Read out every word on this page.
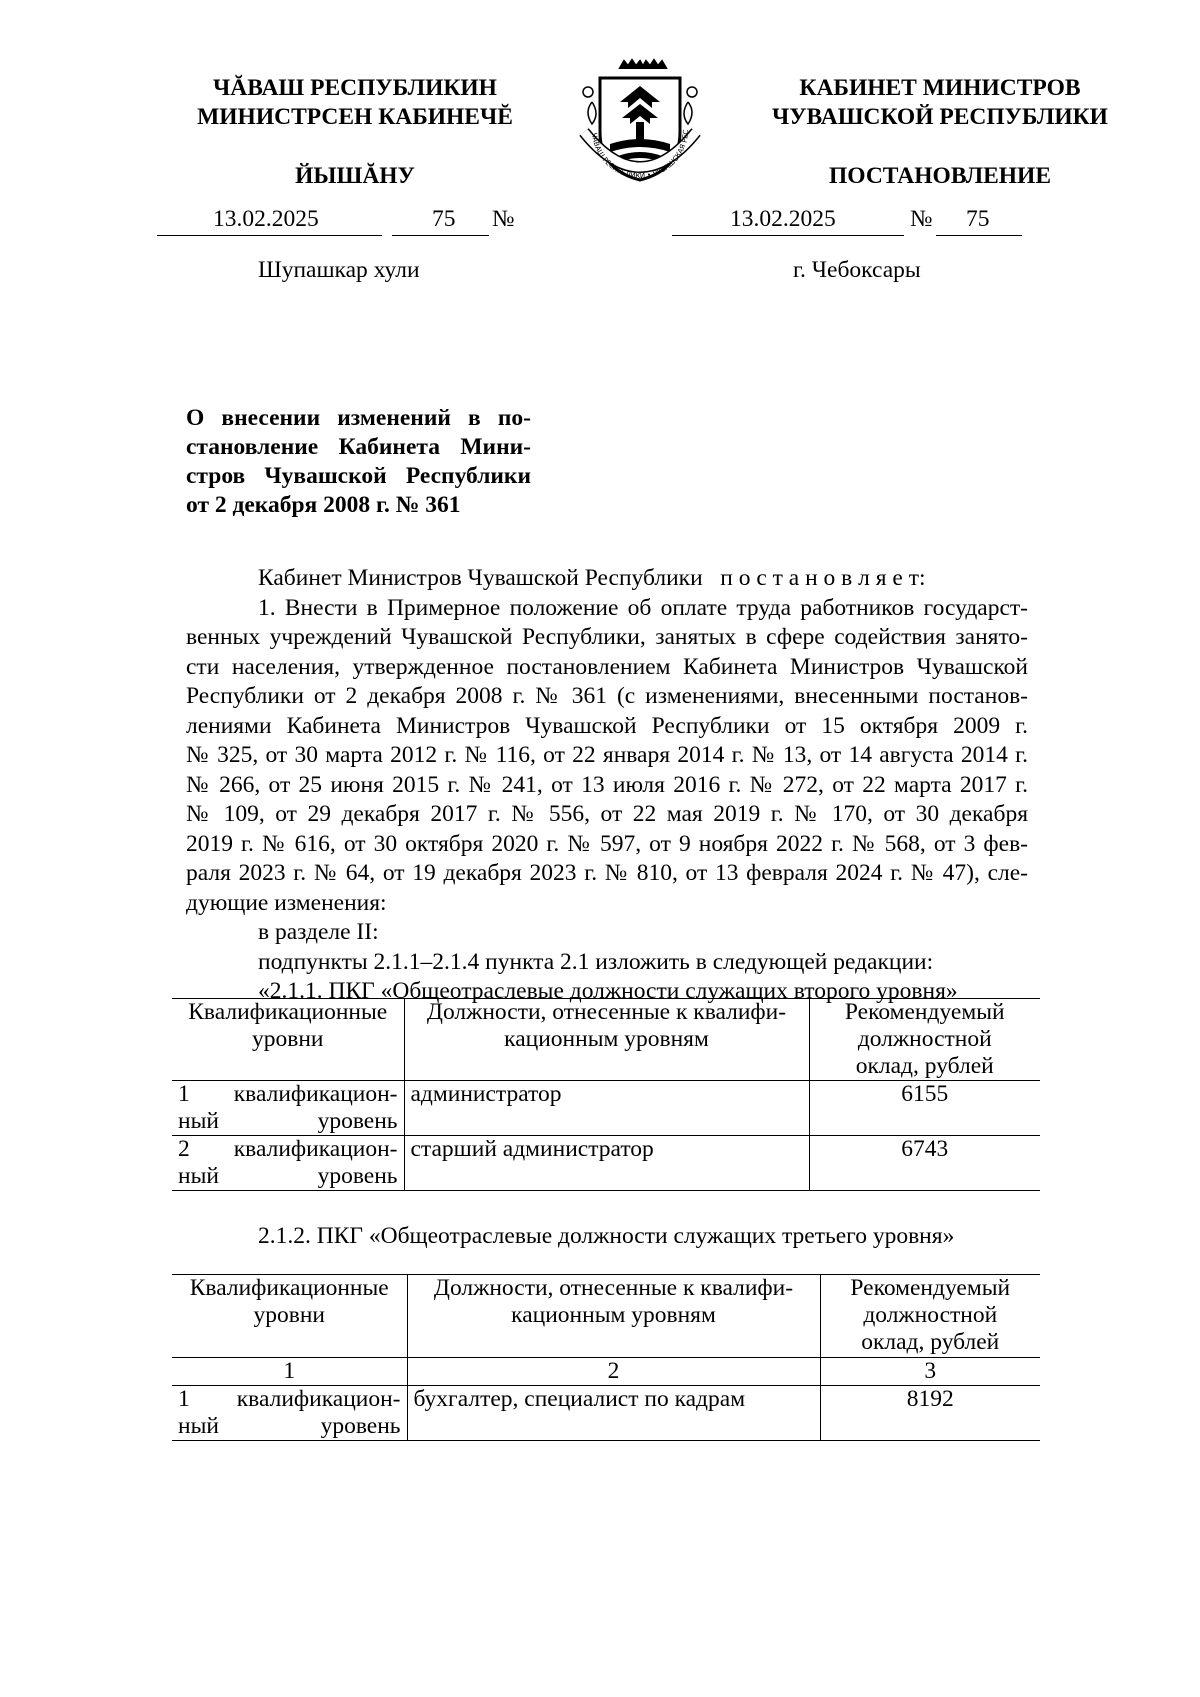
ЧĂВАШ РЕСПУБЛИКИН
МИНИСТРСЕН КАБИНЕЧĔ
ЙЫШĂНУ
КАБИНЕТ МИНИСТРОВ
ЧУВАШСКОЙ РЕСПУБЛИКИ
ПОСТАНОВЛЕНИЕ
ЧĂВАШ РЕСПУБЛИКИ • ЧУВАШСКАЯ РЕС
13.02.2025	75 №	13.02.2025	№ 75
Шупашкар хули	г. Чебоксары
О внесении изменений в по-
становление Кабинета Мини-
стров Чувашской Республики
от 2 декабря 2008 г. № 361
Кабинет Министров Чувашской Республики   п о с т а н о в л я е т:
1. Внести в Примерное положение об оплате труда работников государст-
венных учреждений Чувашской Республики, занятых в сфере содействия занято-
сти населения, утвержденное постановлением Кабинета Министров Чувашской
Республики от 2 декабря 2008 г. № 361 (с изменениями, внесенными постанов-
лениями Кабинета Министров Чувашской Республики от 15 октября 2009 г.
№ 325, от 30 марта 2012 г. № 116, от 22 января 2014 г. № 13, от 14 августа 2014 г.
№ 266, от 25 июня 2015 г. № 241, от 13 июля 2016 г. № 272, от 22 марта 2017 г.
№ 109, от 29 декабря 2017 г. № 556, от 22 мая 2019 г. № 170, от 30 декабря
2019 г. № 616, от 30 октября 2020 г. № 597, от 9 ноября 2022 г. № 568, от 3 фев-
раля 2023 г. № 64, от 19 декабря 2023 г. № 810, от 13 февраля 2024 г. № 47), сле-
дующие изменения:
в разделе II:
подпункты 2.1.1–2.1.4 пункта 2.1 изложить в следующей редакции:
«2.1.1. ПКГ «Общеотраслевые должности служащих второго уровня»
Квалификационные уровни	Должности, отнесенные к квалифи- кационным уровням	Рекомендуемый должностной оклад, рублей

1 квалификацион- ный уровень	администратор	6155

2 квалификацион- ный уровень	старший администратор	6743
2.1.2. ПКГ «Общеотраслевые должности служащих третьего уровня»
Квалификационные уровни	Должности, отнесенные к квалифи- кационным уровням	Рекомендуемый должностной оклад, рублей
1	2	3

1 квалификацион- ный уровень	бухгалтер, специалист по кадрам	8192
